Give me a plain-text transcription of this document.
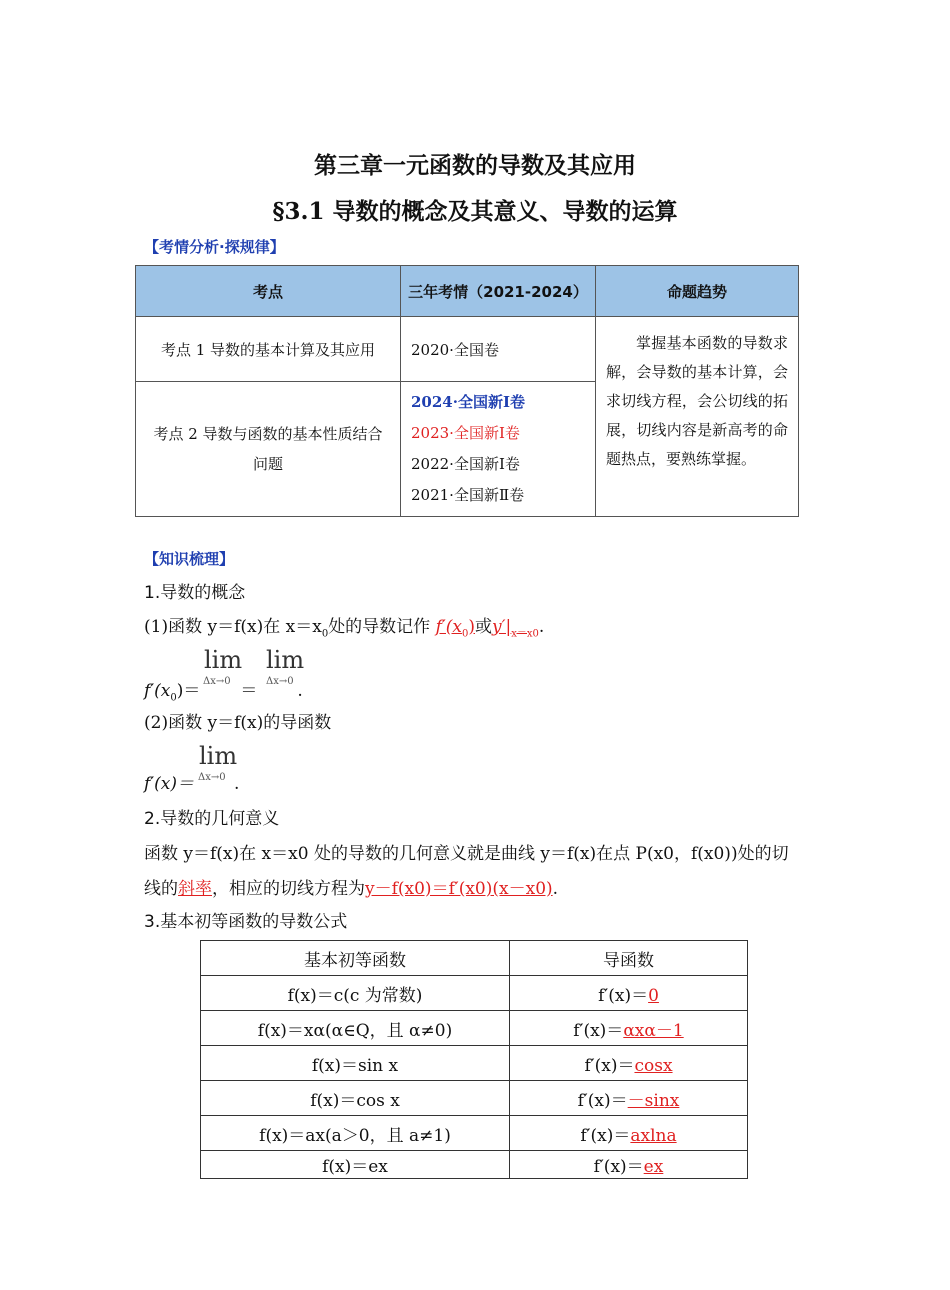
第三章一元函数的导数及其应用
§3.1 导数的概念及其意义、导数的运算
【考情分析·探规律】
考点	三年考情（2021-2024）	命题趋势
考点 1 导数的基本计算及其应用	2020·全国卷	掌握基本函数的导数求解，会导数的基本计算，会求切线方程，会公切线的拓展，切线内容是新高考的命题热点，要熟练掌握。
考点 2 导数与函数的基本性质结合问题	2024·全国新Ⅰ卷
2023·全国新Ⅰ卷
2022·全国新Ⅰ卷
2021·全国新Ⅱ卷	
【知识梳理】
1.导数的概念
(1)函数 y＝f(x)在 $x=x_0$处的导数记作 $f'(x_0)$或$y'|_{x=x0}$.
lim
Δx→0
lim
Δx→0
$f'(x_0)=$ ＝ .
(2)函数 y＝f(x)的导函数
lim
Δx→0
f′(x)＝ .
2.导数的几何意义
函数 y＝f(x)在 x＝x0 处的导数的几何意义就是曲线 y＝f(x)在点 P(x0，f(x0))处的切
线的斜率，相应的切线方程为y－f(x0)＝f′(x0)(x－x0).
3.基本初等函数的导数公式
基本初等函数	导函数
f(x)＝c(c 为常数)	f′(x)＝0
f(x)＝xα(α∈Q，且 α≠0)	f′(x)＝αxα－1
f(x)＝sin x	f′(x)＝cosx
f(x)＝cos x	f′(x)＝－sinx
f(x)＝ax(a＞0，且 a≠1)	f′(x)＝axlna
f(x)＝ex	f′(x)＝ex
